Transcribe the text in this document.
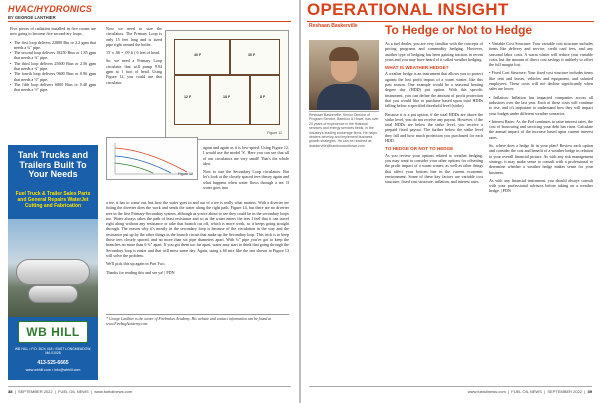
HVAC/HYDRONICS
BY GEORGE LANTHIER

Five pieces of radiation installed in five rooms are now going to become five second-ary loops.

• The first loop delivers 22800 Btu or 2.2 gpm that needs a ¾" pipe.
• The second loop delivers 18250 Btus or 1.85 gpm that needs a ¾" pipe.
• The third loop delivers 25600 Btus or 2.56 gpm that needs a ¾" pipe.
• The fourth loop delivers 9600 Btus or 0.96 gpm that needs a ½" pipe.
• The fifth loop delivers 6800 Btus or 0.48 gpm that needs a ½" pipe.
40 F	30 F
12 F	18 F	8 F
Figure 11
Figure 12

Now we need to size the circulators. The Primary Loop is only 15 feet long and is sized pipe right around the boiler.

15' x .06 = .09 ft ( 6 feet of head.

So, we need a Primary Loop circulator that will pump 9.94 gpm at 1 foot of head. Using Figure 12, you could use that circulator

again and again as it is low-speed. Using Figure 12, I would use the model 'S'. Here you can see that all of our circulators are very small! That's the whole idea.

Now to size the Secondary Loop circulators. But let's look at the closely spaced tees theory again and what happens when water flows through a tee. If water goes into

a tee, it has to come out, but how the water goes in and out of a tee is really what matters. With a diverter tee fitting the diverter does the work and sends the water along the right path. Figure 14, but there are no diverter tees in the first Primary-Secondary system, although as you're about to see they could be in the secondary loops too. Water always takes the path of least resistance and so as the water enters the tees I feel that it can travel right along without any resistance or take that branch cut off, which is more work, so it keeps going straight through. The reason why it's mostly in the secondary loop is because of the circulation in the way and the resistance put up by the other things in the branch circuit that make up the Secondary loop. This trick is to keep those tees closely spaced, and no more than six pipe diameters apart. With ¾" pipe you've got to keep the branches no more than 6 ¾" apart. If you got them too far apart, water may start to think that going through the Secondary loop is easier and that will mess some day. Again, using a 60 mix like the one shown in Figure 13 will solve the problem.

We'll pick this up again in Part Two.

Thanks for reading this and see ya! | PDN

* George Lanthier is the owner of Firebrakes Academy. His website and contact information can be found at www.FirebagAcademy.com.
Tank Trucks and Trailers Built To Your Needs
Fuel Truck & Trailer Sales Parts and General Repairs WaterJet Cutting and Fabrication
WB HILL
WB HILL • P.O. BOX 418 • EAST LONGMEADOW, MA 01028
413-525-6665
www.wbhill.com • info@wbhill.com
38  |  SEPTEMBER 2022  |  FUEL OIL NEWS  |  www.fueloilnews.com
OPERATIONAL INSIGHT
Reshaan Baskerville	To Hedge or Not to Hedge
Reshaan Baskerville, Senior Director of Program Service, Bamboo & Howe, has over 20 years of experience in the financial services and energy services fields, in the industry's leading brokerage firms. He helps dealers develop and implement business growth strategies. He can be reached at: rbaskerville@bambooandhowe.com

As a fuel dealer, you are very familiar with the concepts of pricing programs and commodity hedging. However, another type of hedging has been gaining traction in recent years and you may have heard of it called weather hedging.

WHAT IS WEATHER HEDGE?

A weather hedge is an instrument that allows you to protect against the lost profit impact of a warm winter, like this past season. One example would be a seasonal heating degree day (HDD) put option. With this specific instrument, you can define the amount of profit protection that you would like to purchase based upon total HDDs falling below a specified threshold level (strike).

Because it is a put option, if the total HDDs are above the strike level, you do not receive any payout. However, if the total HDDs are below the strike level, you receive a prepaid fixed payout. The further below the strike level they fall and how much protection you purchased for each HDD.

TO HEDGE OR NOT TO HEDGE

As you review your options related to weather hedging, you may want to consider your other options for offsetting the profit impact of a warm winter, as well as other things that affect your bottom line in the current economic environment. Some of these key factors are variable cost structure, fixed cost structure, inflation, and interest rates.

• Variable Cost Structure: Your variable cost structure includes items like delivery and service, credit card fees, and any seasonal labor costs. A warm winter will reduce your variable costs, but the amount of direct cost savings is unlikely to offset the full margin lost.

• Fixed Cost Structure: Your fixed cost structure includes items like rent and leases, vehicles and equipment, and salaried employees. These costs will not decline significantly when sales are lower.

• Inflation: Inflation has impacted companies across all industries over the last year. Each of these costs will continue to rise, and it's important to understand how they will impact your budget under different weather scenarios.

• Interest Rates: As the Fed continues to raise interest rates, the cost of borrowing and servicing your debt has risen. Calculate the annual impact of the increase based upon current interest rates.

So, where does a hedge fit in your plan? Review each option and consider the cost and benefit of a weather hedge in relation to your overall financial picture. As with any risk management strategy, it may make sense to consult with a professional to determine whether a weather hedge makes sense for your business.

As with any financial instrument, you should always consult with your professional advisors before taking on a weather hedge. | PDN

www.fueloilnews.com  |  FUEL OIL NEWS  |  SEPTEMBER 2022  |  39
